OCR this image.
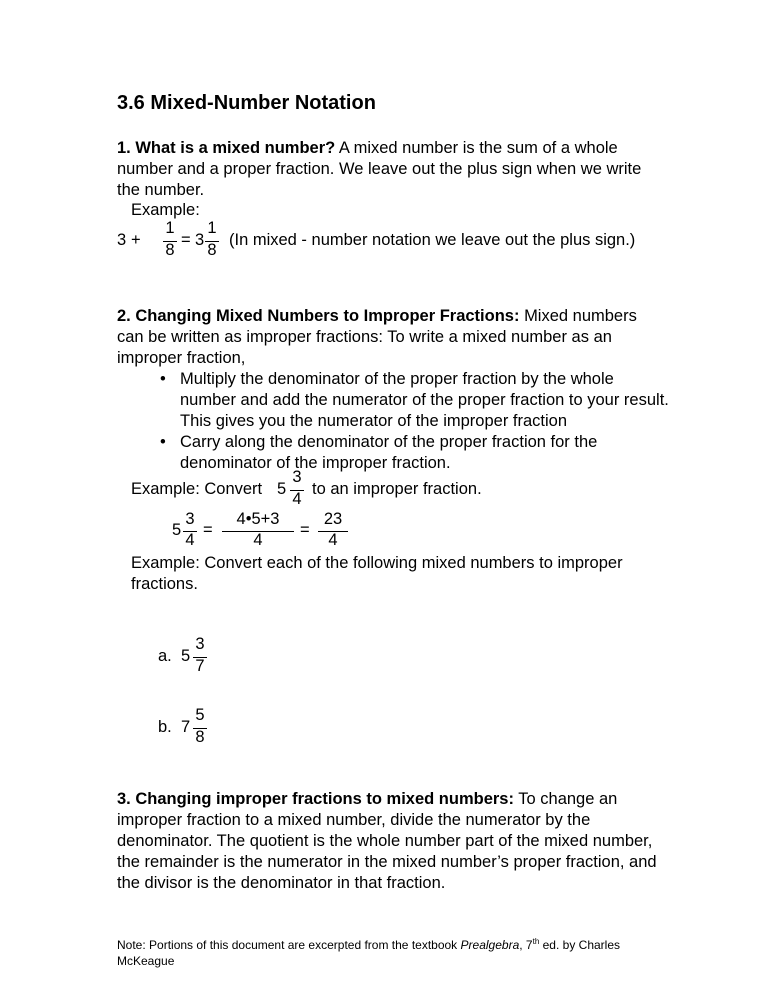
3.6 Mixed-Number Notation
1. What is a mixed number? A mixed number is the sum of a whole number and a proper fraction. We leave out the plus sign when we write the number.
Example:
3 +
1
8
= 3
1
8
(In mixed - number notation we leave out the plus sign.)
2. Changing Mixed Numbers to Improper Fractions: Mixed numbers can be written as improper fractions: To write a mixed number as an improper fraction,
• Multiply the denominator of the proper fraction by the whole number and add the numerator of the proper fraction to your result. This gives you the numerator of the improper fraction
• Carry along the denominator of the proper fraction for the denominator of the improper fraction.
Example: Convert 5
3
4
to an improper fraction.
5
3
4
=
4•5+3
4
=
23
4
Example: Convert each of the following mixed numbers to improper fractions.
a. 5
3
7
b. 7
5
8
3. Changing improper fractions to mixed numbers: To change an improper fraction to a mixed number, divide the numerator by the denominator. The quotient is the whole number part of the mixed number, the remainder is the numerator in the mixed number’s proper fraction, and the divisor is the denominator in that fraction.
Note: Portions of this document are excerpted from the textbook Prealgebra, 7th ed. by Charles McKeague
